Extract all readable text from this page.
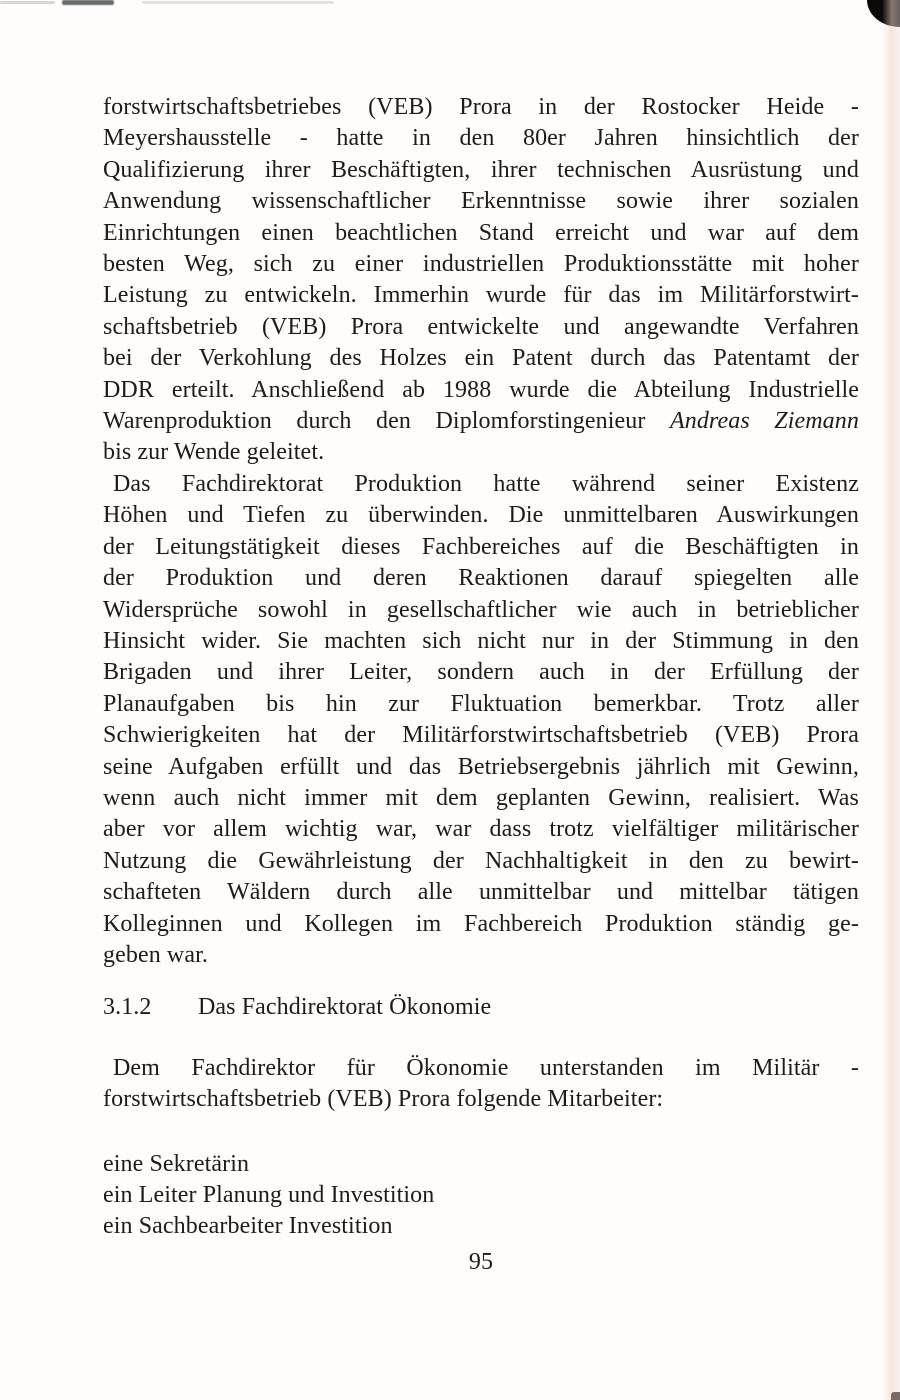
forstwirtschaftsbetriebes (VEB) Prora in der Rostocker Heide -
Meyershausstelle - hatte in den 80er Jahren hinsichtlich der
Qualifizierung ihrer Beschäftigten, ihrer technischen Ausrüstung und
Anwendung wissenschaftlicher Erkenntnisse sowie ihrer sozialen
Einrichtungen einen beachtlichen Stand erreicht und war auf dem
besten Weg, sich zu einer industriellen Produktionsstätte mit hoher
Leistung zu entwickeln. Immerhin wurde für das im Militärforstwirt-
schaftsbetrieb (VEB) Prora entwickelte und angewandte Verfahren
bei der Verkohlung des Holzes ein Patent durch das Patentamt der
DDR erteilt. Anschließend ab 1988 wurde die Abteilung Industrielle
Warenproduktion durch den Diplomforstingenieur Andreas Ziemann
bis zur Wende geleitet.
Das Fachdirektorat Produktion hatte während seiner Existenz
Höhen und Tiefen zu überwinden. Die unmittelbaren Auswirkungen
der Leitungstätigkeit dieses Fachbereiches auf die Beschäftigten in
der Produktion und deren Reaktionen darauf spiegelten alle
Widersprüche sowohl in gesellschaftlicher wie auch in betrieblicher
Hinsicht wider. Sie machten sich nicht nur in der Stimmung in den
Brigaden und ihrer Leiter, sondern auch in der Erfüllung der
Planaufgaben bis hin zur Fluktuation bemerkbar. Trotz aller
Schwierigkeiten hat der Militärforstwirtschaftsbetrieb (VEB) Prora
seine Aufgaben erfüllt und das Betriebsergebnis jährlich mit Gewinn,
wenn auch nicht immer mit dem geplanten Gewinn, realisiert. Was
aber vor allem wichtig war, war dass trotz vielfältiger militärischer
Nutzung die Gewährleistung der Nachhaltigkeit in den zu bewirt-
schafteten Wäldern durch alle unmittelbar und mittelbar tätigen
Kolleginnen und Kollegen im Fachbereich Produktion ständig ge-
geben war.
3.1.2 Das Fachdirektorat Ökonomie
Dem Fachdirektor für Ökonomie unterstanden im Militär -
forstwirtschaftsbetrieb (VEB) Prora folgende Mitarbeiter:
eine Sekretärin
ein Leiter Planung und Investition
ein Sachbearbeiter Investition
95
